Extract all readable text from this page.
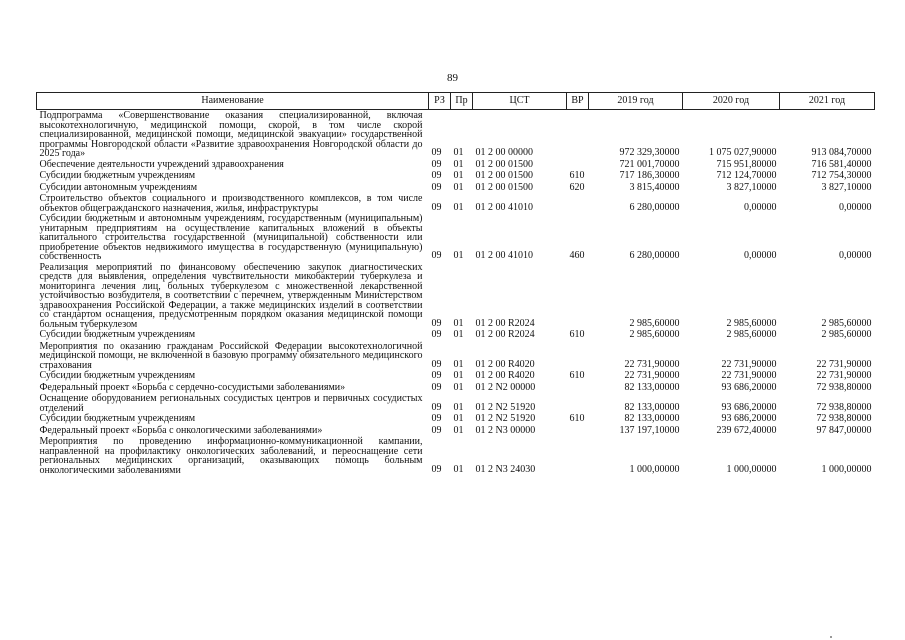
89
Наименование	РЗ	Пр	ЦСТ	ВР	2019 год	2020 год	2021 год
Подпрограмма «Совершенствование оказания специализированной, включая высокотехнологичную, медицинской помощи, скорой, в том числе скорой специализированной, медицинской помощи, медицинской эвакуации» государственной программы Новгородской области «Развитие здравоохранения Новгородской области до 2025 года»	09	01	01 2 00 00000		972 329,30000	1 075 027,90000	913 084,70000
Обеспечение деятельности учреждений здравоохранения	09	01	01 2 00 01500		721 001,70000	715 951,80000	716 581,40000
Субсидии бюджетным учреждениям	09	01	01 2 00 01500	610	717 186,30000	712 124,70000	712 754,30000
Субсидии автономным учреждениям	09	01	01 2 00 01500	620	3 815,40000	3 827,10000	3 827,10000
Строительство объектов социального и производственного комплексов, в том числе объектов общегражданского назначения, жилья, инфраструктуры	09	01	01 2 00 41010		6 280,00000	0,00000	0,00000
Субсидии бюджетным и автономным учреждениям, государственным (муниципальным) унитарным предприятиям на осуществление капитальных вложений в объекты капитального строительства государственной (муниципальной) собственности или приобретение объектов недвижимого имущества в государственную (муниципальную) собственность	09	01	01 2 00 41010	460	6 280,00000	0,00000	0,00000
Реализация мероприятий по финансовому обеспечению закупок диагностических средств для выявления, определения чувствительности микобактерии туберкулеза и мониторинга лечения лиц, больных туберкулезом с множественной лекарственной устойчивостью возбудителя, в соответствии с перечнем, утвержденным Министерством здравоохранения Российской Федерации, а также медицинских изделий в соответствии со стандартом оснащения, предусмотренным порядком оказания медицинской помощи больным туберкулезом	09	01	01 2 00 R2024		2 985,60000	2 985,60000	2 985,60000
Субсидии бюджетным учреждениям	09	01	01 2 00 R2024	610	2 985,60000	2 985,60000	2 985,60000
Мероприятия по оказанию гражданам Российской Федерации высокотехнологичной медицинской помощи, не включенной в базовую программу обязательного медицинского страхования	09	01	01 2 00 R4020		22 731,90000	22 731,90000	22 731,90000
Субсидии бюджетным учреждениям	09	01	01 2 00 R4020	610	22 731,90000	22 731,90000	22 731,90000
Федеральный проект «Борьба с сердечно-сосудистыми заболеваниями»	09	01	01 2 N2 00000		82 133,00000	93 686,20000	72 938,80000
Оснащение оборудованием региональных сосудистых центров и первичных сосудистых отделений	09	01	01 2 N2 51920		82 133,00000	93 686,20000	72 938,80000
Субсидии бюджетным учреждениям	09	01	01 2 N2 51920	610	82 133,00000	93 686,20000	72 938,80000
Федеральный проект «Борьба с онкологическими заболеваниями»	09	01	01 2 N3 00000		137 197,10000	239 672,40000	97 847,00000
Мероприятия по проведению информационно-коммуникационной кампании, направленной на профилактику онкологических заболеваний, и переоснащение сети региональных медицинских организаций, оказывающих помощь больным онкологическими заболеваниями	09	01	01 2 N3 24030		1 000,00000	1 000,00000	1 000,00000
